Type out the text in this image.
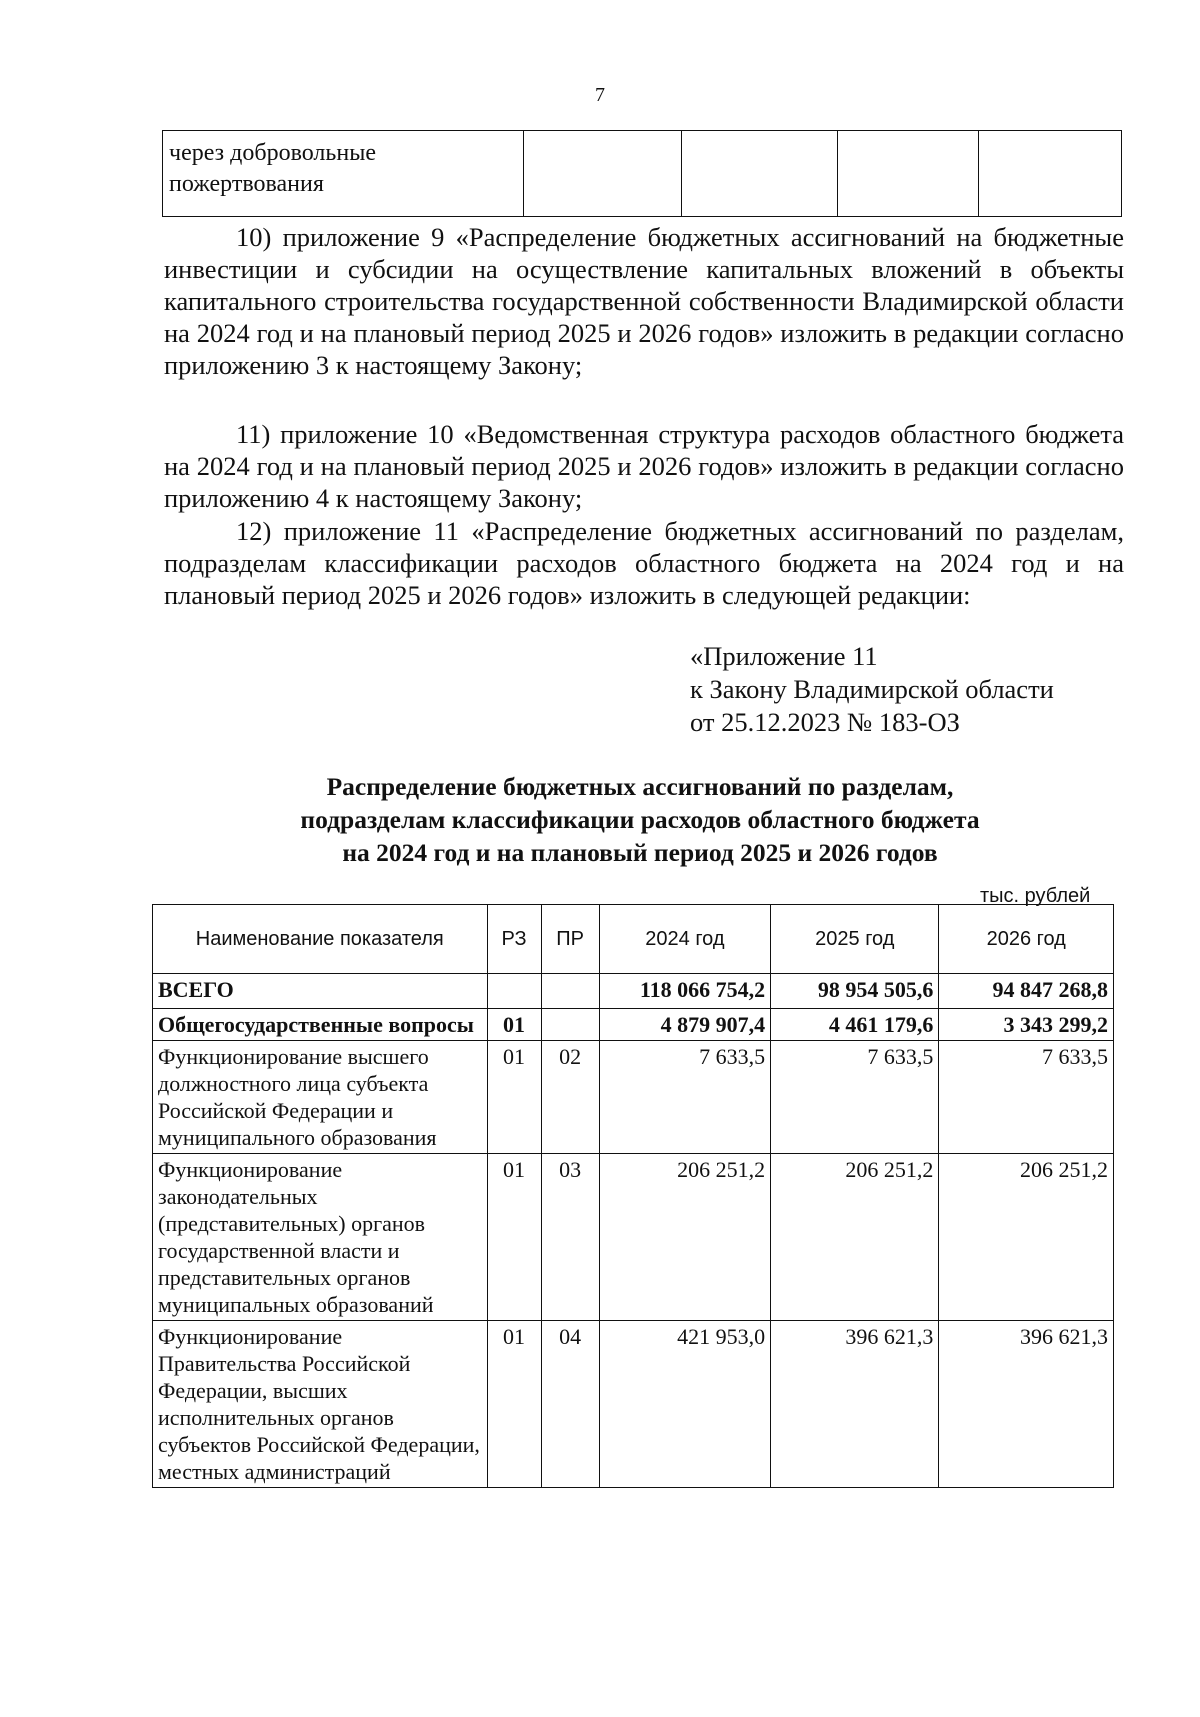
7
через добровольные пожертвования				

10) приложение 9 «Распределение бюджетных ассигнований на бюджетные инвестиции и субсидии на осуществление капитальных вложений в объекты капитального строительства государственной собственности Владимирской области на 2024 год и на плановый период 2025 и 2026 годов» изложить в редакции согласно приложению 3 к настоящему Закону;

11) приложение 10 «Ведомственная структура расходов областного бюджета на 2024 год и на плановый период 2025 и 2026 годов» изложить в редакции согласно приложению 4 к настоящему Закону;

12) приложение 11 «Распределение бюджетных ассигнований по разделам, подразделам классификации расходов областного бюджета на 2024 год и на плановый период 2025 и 2026 годов» изложить в следующей редакции:

«Приложение 11
к Закону Владимирской области
от 25.12.2023 № 183-ОЗ
Распределение бюджетных ассигнований по разделам,
подразделам классификации расходов областного бюджета
на 2024 год и на плановый период 2025 и 2026 годов
тыс. рублей
Наименование показателя	РЗ	ПР	2024 год	2025 год	2026 год
ВСЕГО			118 066 754,2	98 954 505,6	94 847 268,8
Общегосударственные вопросы	01		4 879 907,4	4 461 179,6	3 343 299,2
Функционирование высшего должностного лица субъекта Российской Федерации и муниципального образования	01	02	7 633,5	7 633,5	7 633,5
Функционирование законодательных (представительных) органов государственной власти и представительных органов муниципальных образований	01	03	206 251,2	206 251,2	206 251,2
Функционирование Правительства Российской Федерации, высших исполнительных органов субъектов Российской Федерации, местных администраций	01	04	421 953,0	396 621,3	396 621,3
